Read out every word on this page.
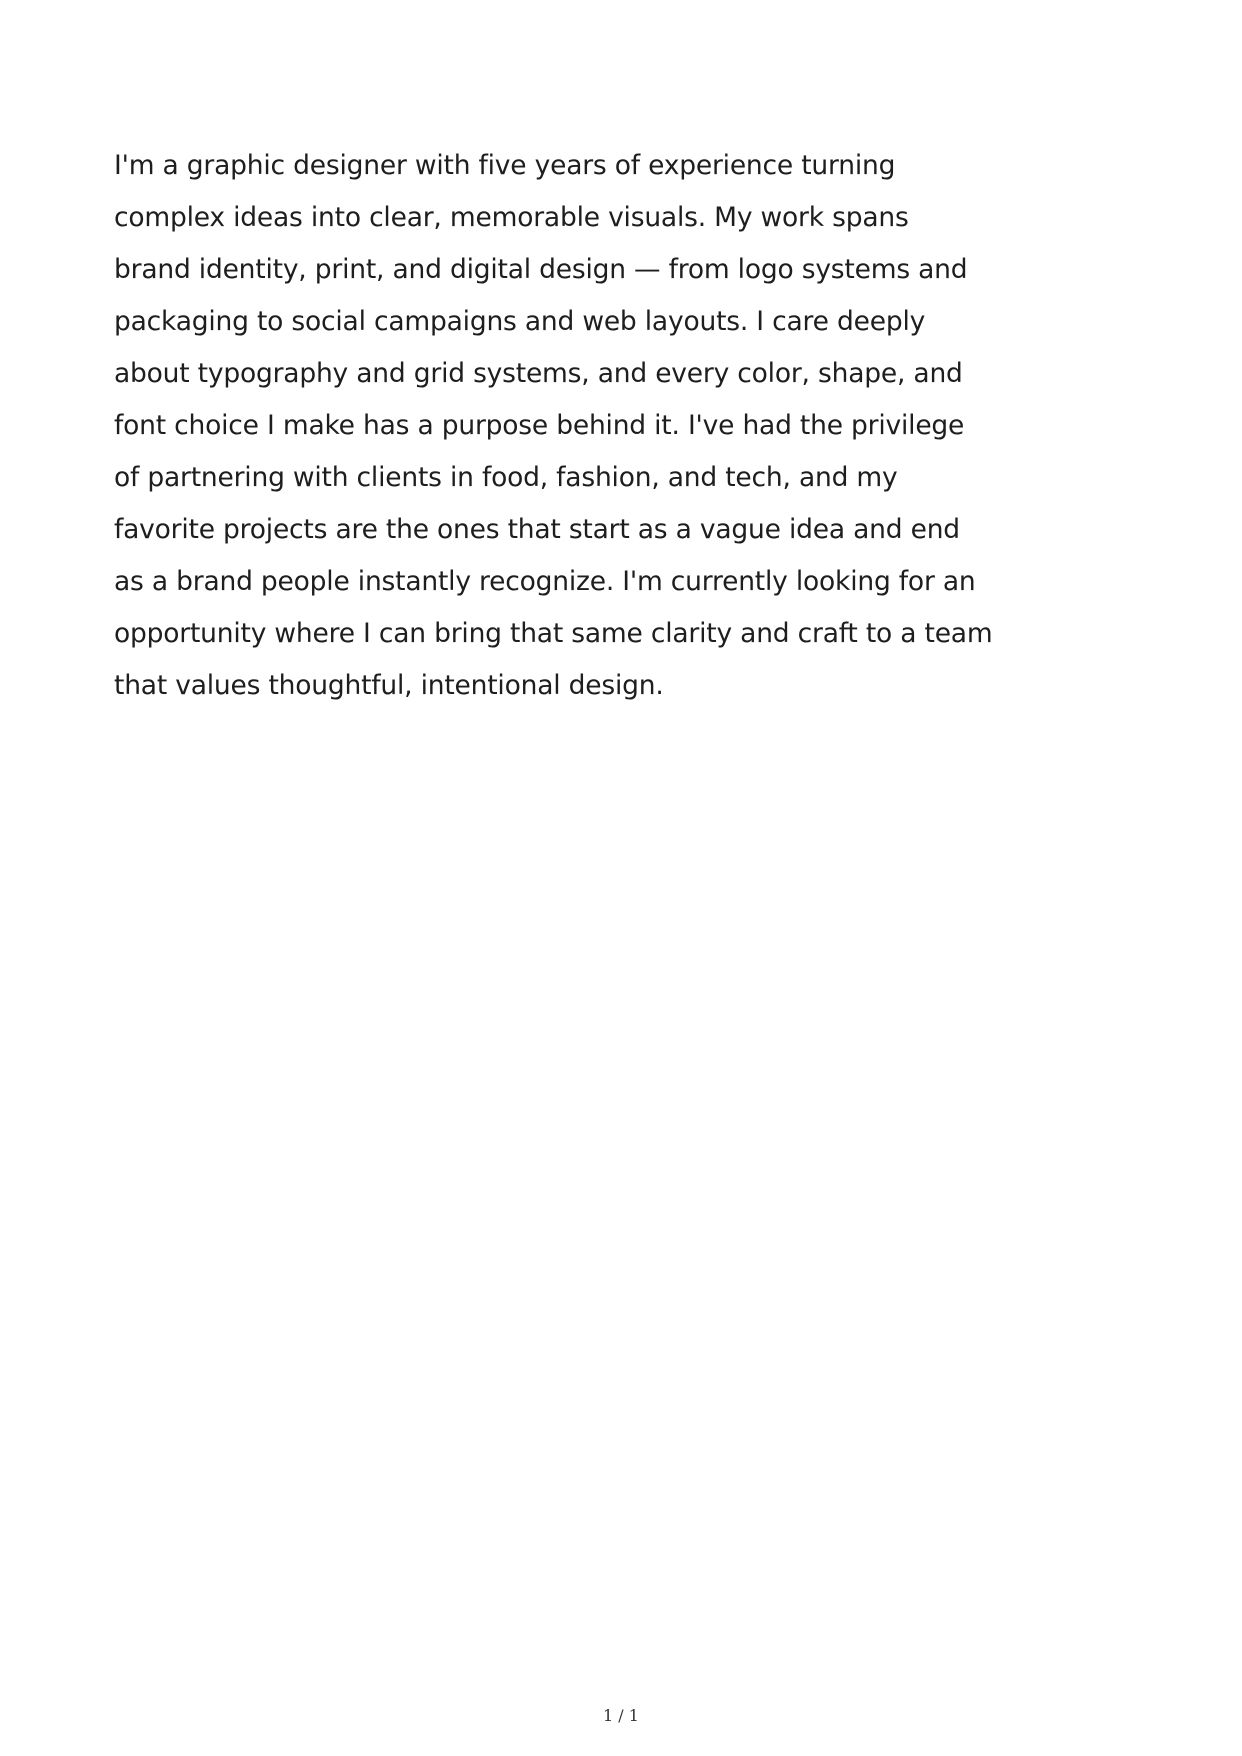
I'm a graphic designer with five years of experience turning
complex ideas into clear, memorable visuals. My work spans
brand identity, print, and digital design — from logo systems and
packaging to social campaigns and web layouts. I care deeply
about typography and grid systems, and every color, shape, and
font choice I make has a purpose behind it. I've had the privilege
of partnering with clients in food, fashion, and tech, and my
favorite projects are the ones that start as a vague idea and end
as a brand people instantly recognize. I'm currently looking for an
opportunity where I can bring that same clarity and craft to a team
that values thoughtful, intentional design.

1 / 1
